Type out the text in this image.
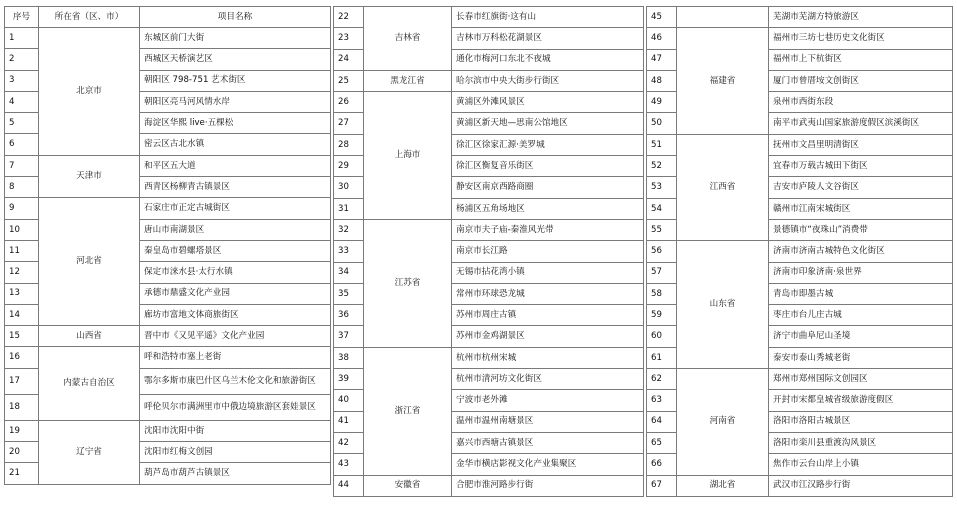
序号	所在省（区、市）	项目名称
1	北京市	东城区前门大街
2		西城区天桥演艺区
3		朝阳区 798-751 艺术街区
4		朝阳区亮马河风情水岸
5		海淀区华熙 live·五棵松
6		密云区古北水镇
7	天津市	和平区五大道
8		西青区杨柳青古镇景区
9	河北省	石家庄市正定古城街区
10		唐山市南湖景区
11		秦皇岛市碧螺塔景区
12		保定市涞水县·太行水镇
13		承德市鼎盛文化产业园
14		廊坊市富地文体商旅街区
15	山西省	晋中市《又见平遥》文化产业园
16	内蒙古自治区	呼和浩特市塞上老街
17		鄂尔多斯市康巴什区乌兰木伦文化和旅游街区
18		呼伦贝尔市满洲里市中俄边境旅游区套娃景区
19	辽宁省	沈阳市沈阳中街
20		沈阳市红梅文创园
21		葫芦岛市葫芦古镇景区
22	吉林省	长春市红旗街·这有山
23		吉林市万科松花湖景区
24		通化市梅河口东北不夜城
25	黑龙江省	哈尔滨市中央大街步行街区
26	上海市	黄浦区外滩风景区
27		黄浦区新天地—思南公馆地区
28		徐汇区徐家汇源·美罗城
29		徐汇区衡复音乐街区
30		静安区南京西路商圈
31		杨浦区五角场地区
32	江苏省	南京市夫子庙-秦淮风光带
33		南京市长江路
34		无锡市拈花湾小镇
35		常州市环球恐龙城
36		苏州市周庄古镇
37		苏州市金鸡湖景区
38	浙江省	杭州市杭州宋城
39		杭州市清河坊文化街区
40		宁波市老外滩
41		温州市温州南塘景区
42		嘉兴市西塘古镇景区
43		金华市横店影视文化产业集聚区
44	安徽省	合肥市淮河路步行街
45		芜湖市芜湖方特旅游区
46	福建省	福州市三坊七巷历史文化街区
47		福州市上下杭街区
48		厦门市曾厝垵文创街区
49		泉州市西街东段
50		南平市武夷山国家旅游度假区滨溪街区
51	江西省	抚州市文昌里明清街区
52		宜春市万载古城田下街区
53		吉安市庐陵人文谷街区
54		赣州市江南宋城街区
55		景德镇市“夜珠山”消费带
56	山东省	济南市济南古城特色文化街区
57		济南市印象济南·泉世界
58		青岛市即墨古城
59		枣庄市台儿庄古城
60		济宁市曲阜尼山圣境
61		泰安市泰山秀城老街
62	河南省	郑州市郑州国际文创园区
63		开封市宋都皇城省级旅游度假区
64		洛阳市洛阳古城景区
65		洛阳市栾川县重渡沟风景区
66		焦作市云台山岸上小镇
67	湖北省	武汉市江汉路步行街
